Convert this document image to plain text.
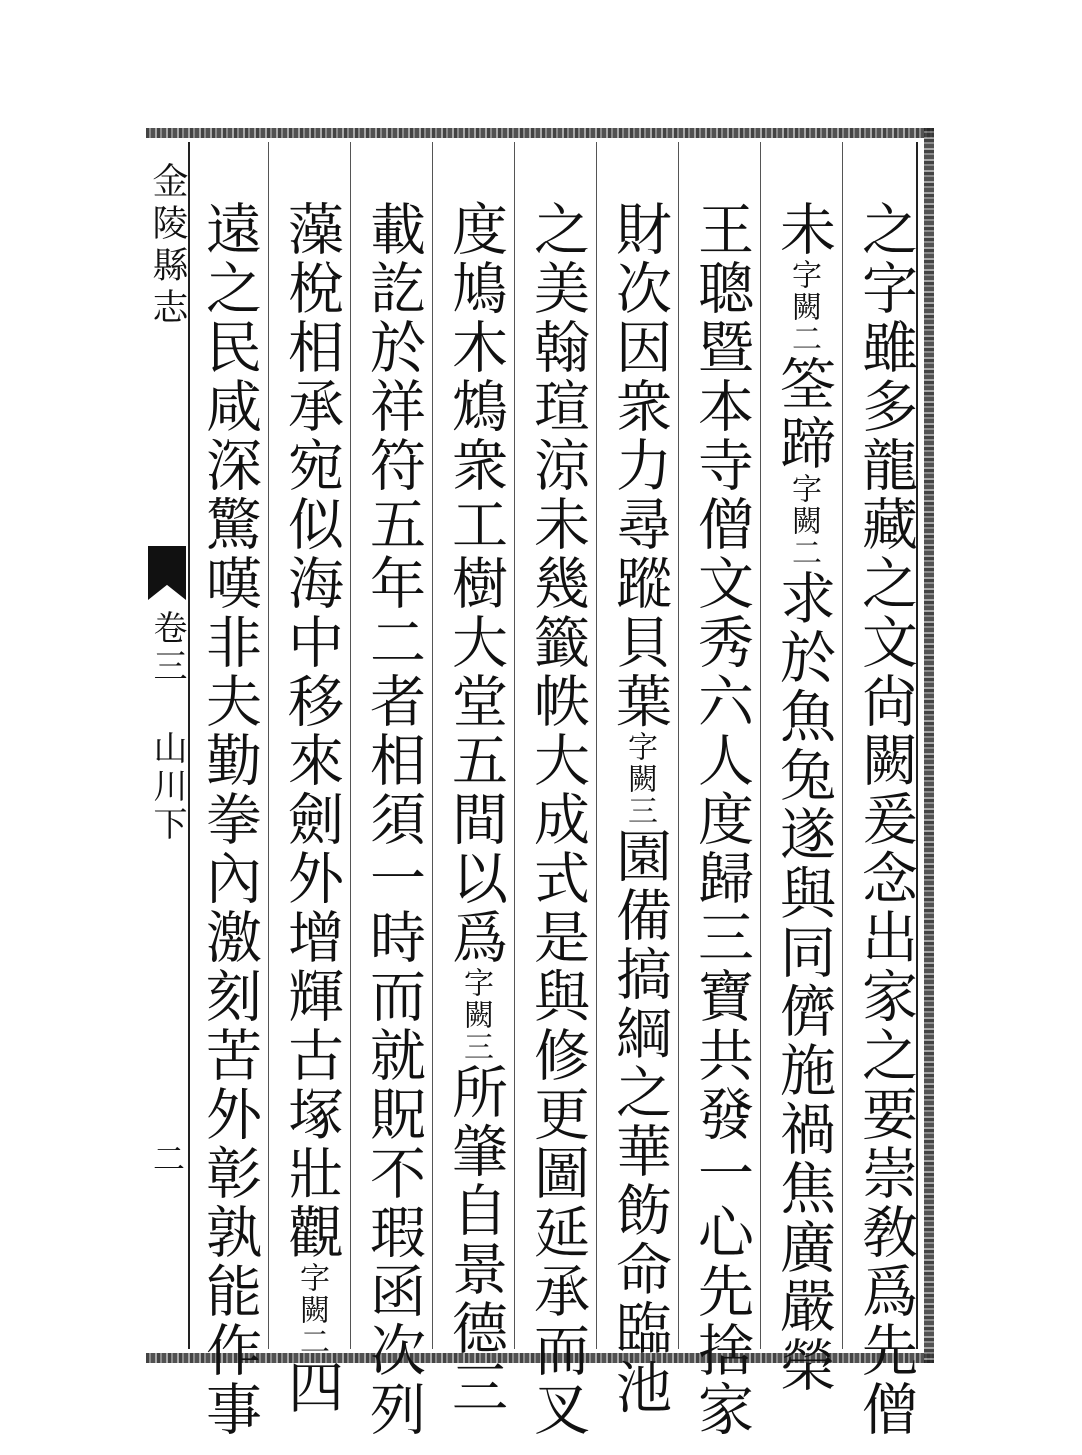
金陵縣志
卷三 山川下
二	之字雖多龍藏之文尙闕爰念出家之要崇敎爲先僧
未字闕二筌蹄字闕二求於魚兔遂與同儕施禍焦廣嚴榮
王聰暨本寺僧文秀六人度歸三寶共發一心先捨家
財次因衆力尋蹤貝葉字闕三園備搞綱之華飭命臨池
之美翰瑄涼未幾籤帙大成式是與修更圖延承而叉
度鳩木鴆衆工樹大堂五間以爲字闕三所肇自景德三
載訖於祥符五年二者相須一時而就貺不瑕函次列
藻梲相承宛似海中移來劍外增輝古塚壯觀字闕二四
遠之民咸深驚嘆非夫勤拳內激刻苦外彰孰能作事
